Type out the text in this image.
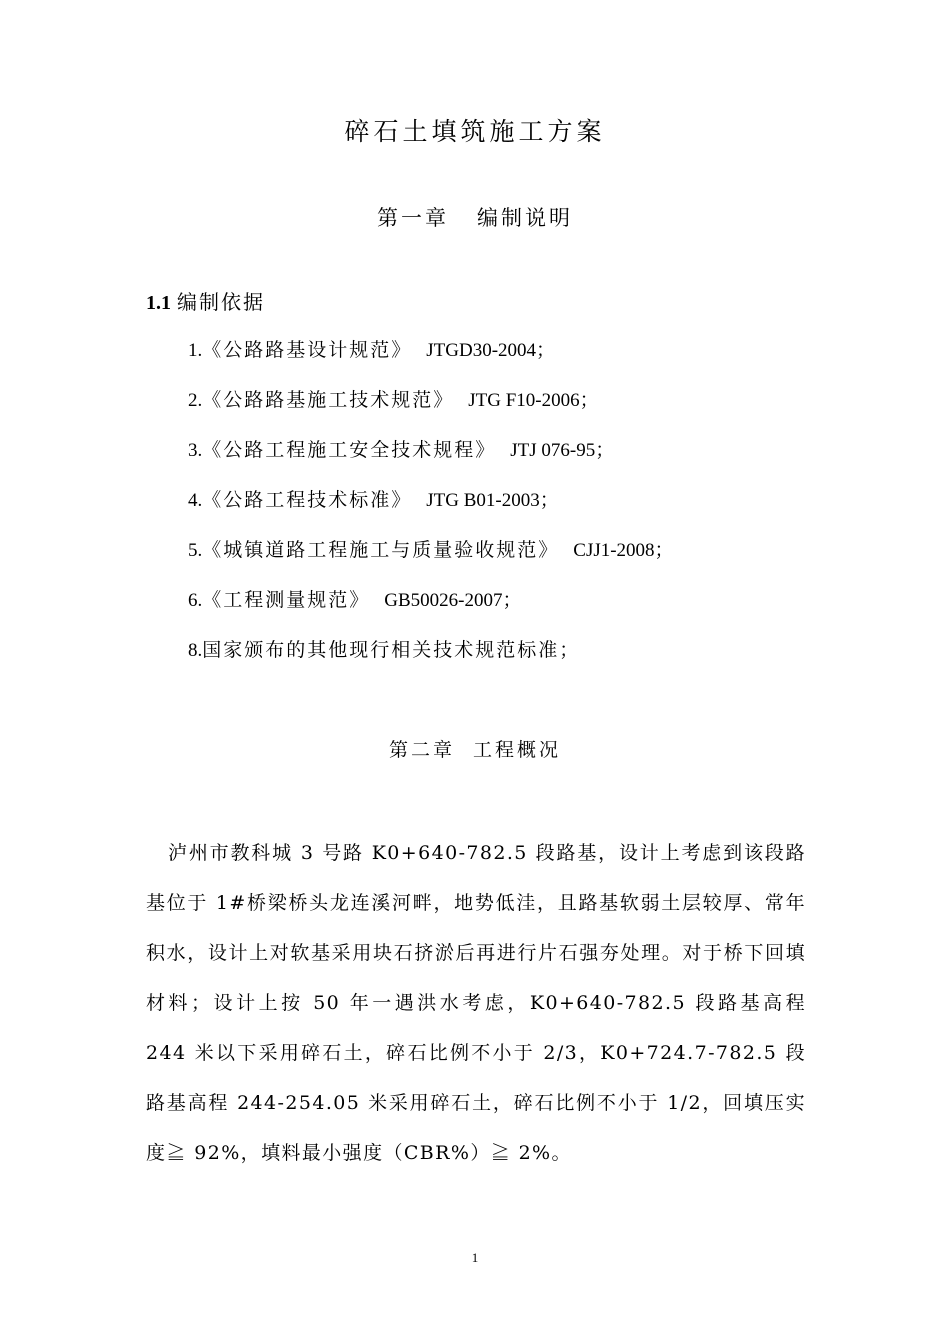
碎石土填筑施工方案
第一章 编制说明
1.1 编制依据
1.《公路路基设计规范》 JTGD30-2004；
2.《公路路基施工技术规范》 JTG F10-2006；
3.《公路工程施工安全技术规程》 JTJ 076-95；
4.《公路工程技术标准》 JTG B01-2003；
5.《城镇道路工程施工与质量验收规范》 CJJ1-2008；
6.《工程测量规范》 GB50026-2007；
8.国家颁布的其他现行相关技术规范标准；
第二章 工程概况

泸州市教科城 3 号路 K0+640-782.5 段路基，设计上考虑到该段路基位于 1#桥梁桥头龙连溪河畔，地势低洼，且路基软弱土层较厚、常年积水，设计上对软基采用块石挤淤后再进行片石强夯处理。对于桥下回填材料；设计上按 50 年一遇洪水考虑，K0+640-782.5 段路基高程 244 米以下采用碎石土，碎石比例不小于 2/3，K0+724.7-782.5 段路基高程 244-254.05 米采用碎石土，碎石比例不小于 1/2，回填压实度≧ 92%，填料最小强度（CBR%）≧ 2%。

1
